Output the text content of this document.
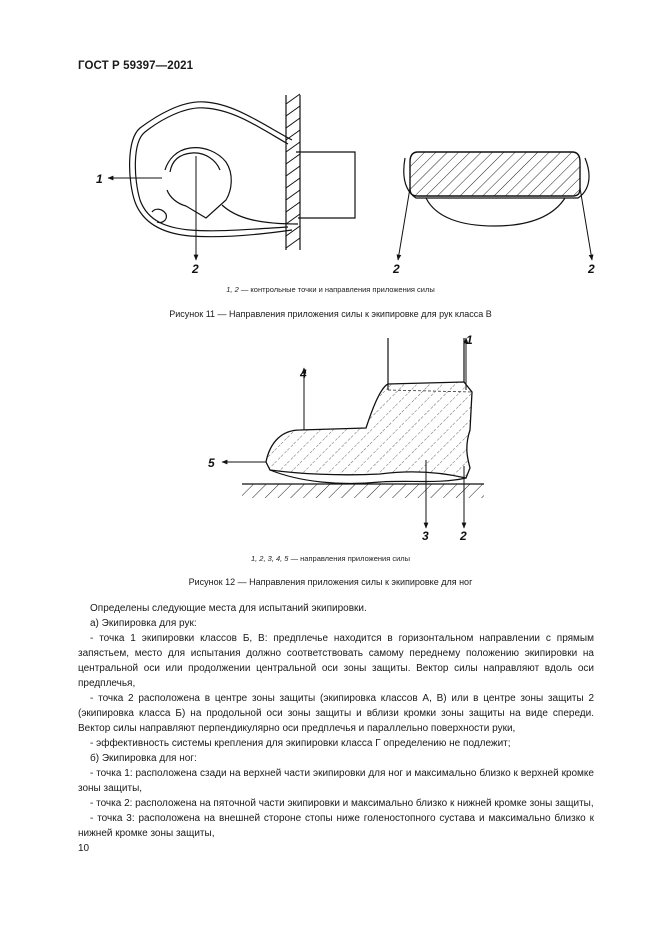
ГОСТ Р 59397—2021
1
2	2	2
1, 2 — контрольные точки и направления приложения силы
Рисунок 11 — Направления приложения силы к экипировке для рук класса В
1
4
5
3	2
1, 2, 3, 4, 5 — направления приложения силы
Рисунок 12 — Направления приложения силы к экипировке для ног

Определены следующие места для испытаний экипировки.

а) Экипировка для рук:

- точка 1 экипировки классов Б, В: предплечье находится в горизонтальном направлении с прямым запястьем, место для испытания должно соответствовать самому переднему положению экипировки на центральной оси или продолжении центральной оси зоны защиты. Вектор силы направляют вдоль оси предплечья,

- точка 2 расположена в центре зоны защиты (экипировка классов А, В) или в центре зоны защиты 2 (экипировка класса Б) на продольной оси зоны защиты и вблизи кромки зоны защиты на виде спереди. Вектор силы направляют перпендикулярно оси предплечья и параллельно поверхности руки,

- эффективность системы крепления для экипировки класса Г определению не подлежит;

б) Экипировка для ног:

- точка 1: расположена сзади на верхней части экипировки для ног и максимально близко к верхней кромке зоны защиты,

- точка 2: расположена на пяточной части экипировки и максимально близко к нижней кромке зоны защиты,

- точка 3: расположена на внешней стороне стопы ниже голеностопного сустава и максимально близко к нижней кромке зоны защиты,

10
